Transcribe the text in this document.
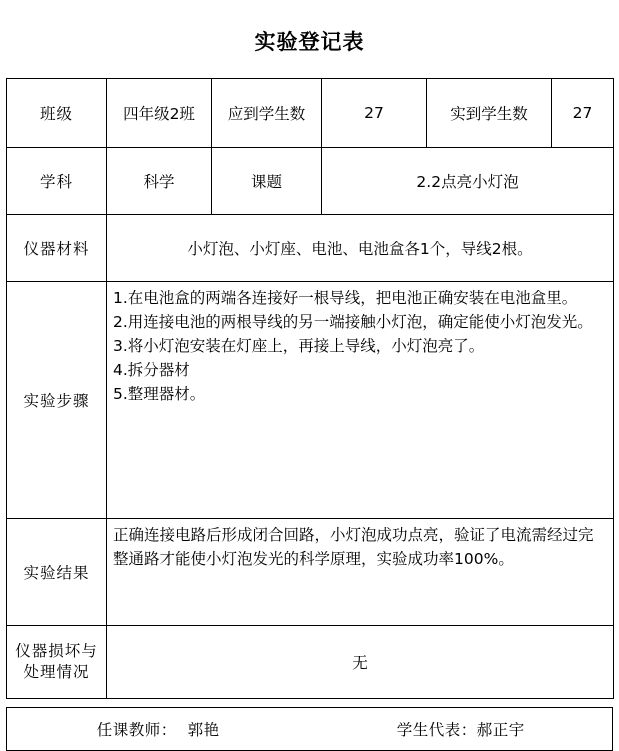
实验登记表
班级	四年级2班	应到学生数	27	实到学生数	27
学科	科学	课题	2.2点亮小灯泡		
仪器材料	小灯泡、小灯座、电池、电池盒各1个，导线2根。				
实验步骤	1.在电池盒的两端各连接好一根导线，把电池正确安装在电池盒里。
2.用连接电池的两根导线的另一端接触小灯泡，确定能使小灯泡发光。
3.将小灯泡安装在灯座上，再接上导线，小灯泡亮了。
4.拆分器材
5.整理器材。				

实验结果	正确连接电路后形成闭合回路，小灯泡成功点亮，验证了电流需经过完整通路才能使小灯泡发光的科学原理，实验成功率100%。				
仪器损坏与处理情况	无				
任课教师： 郭艳	学生代表：郝正宇
